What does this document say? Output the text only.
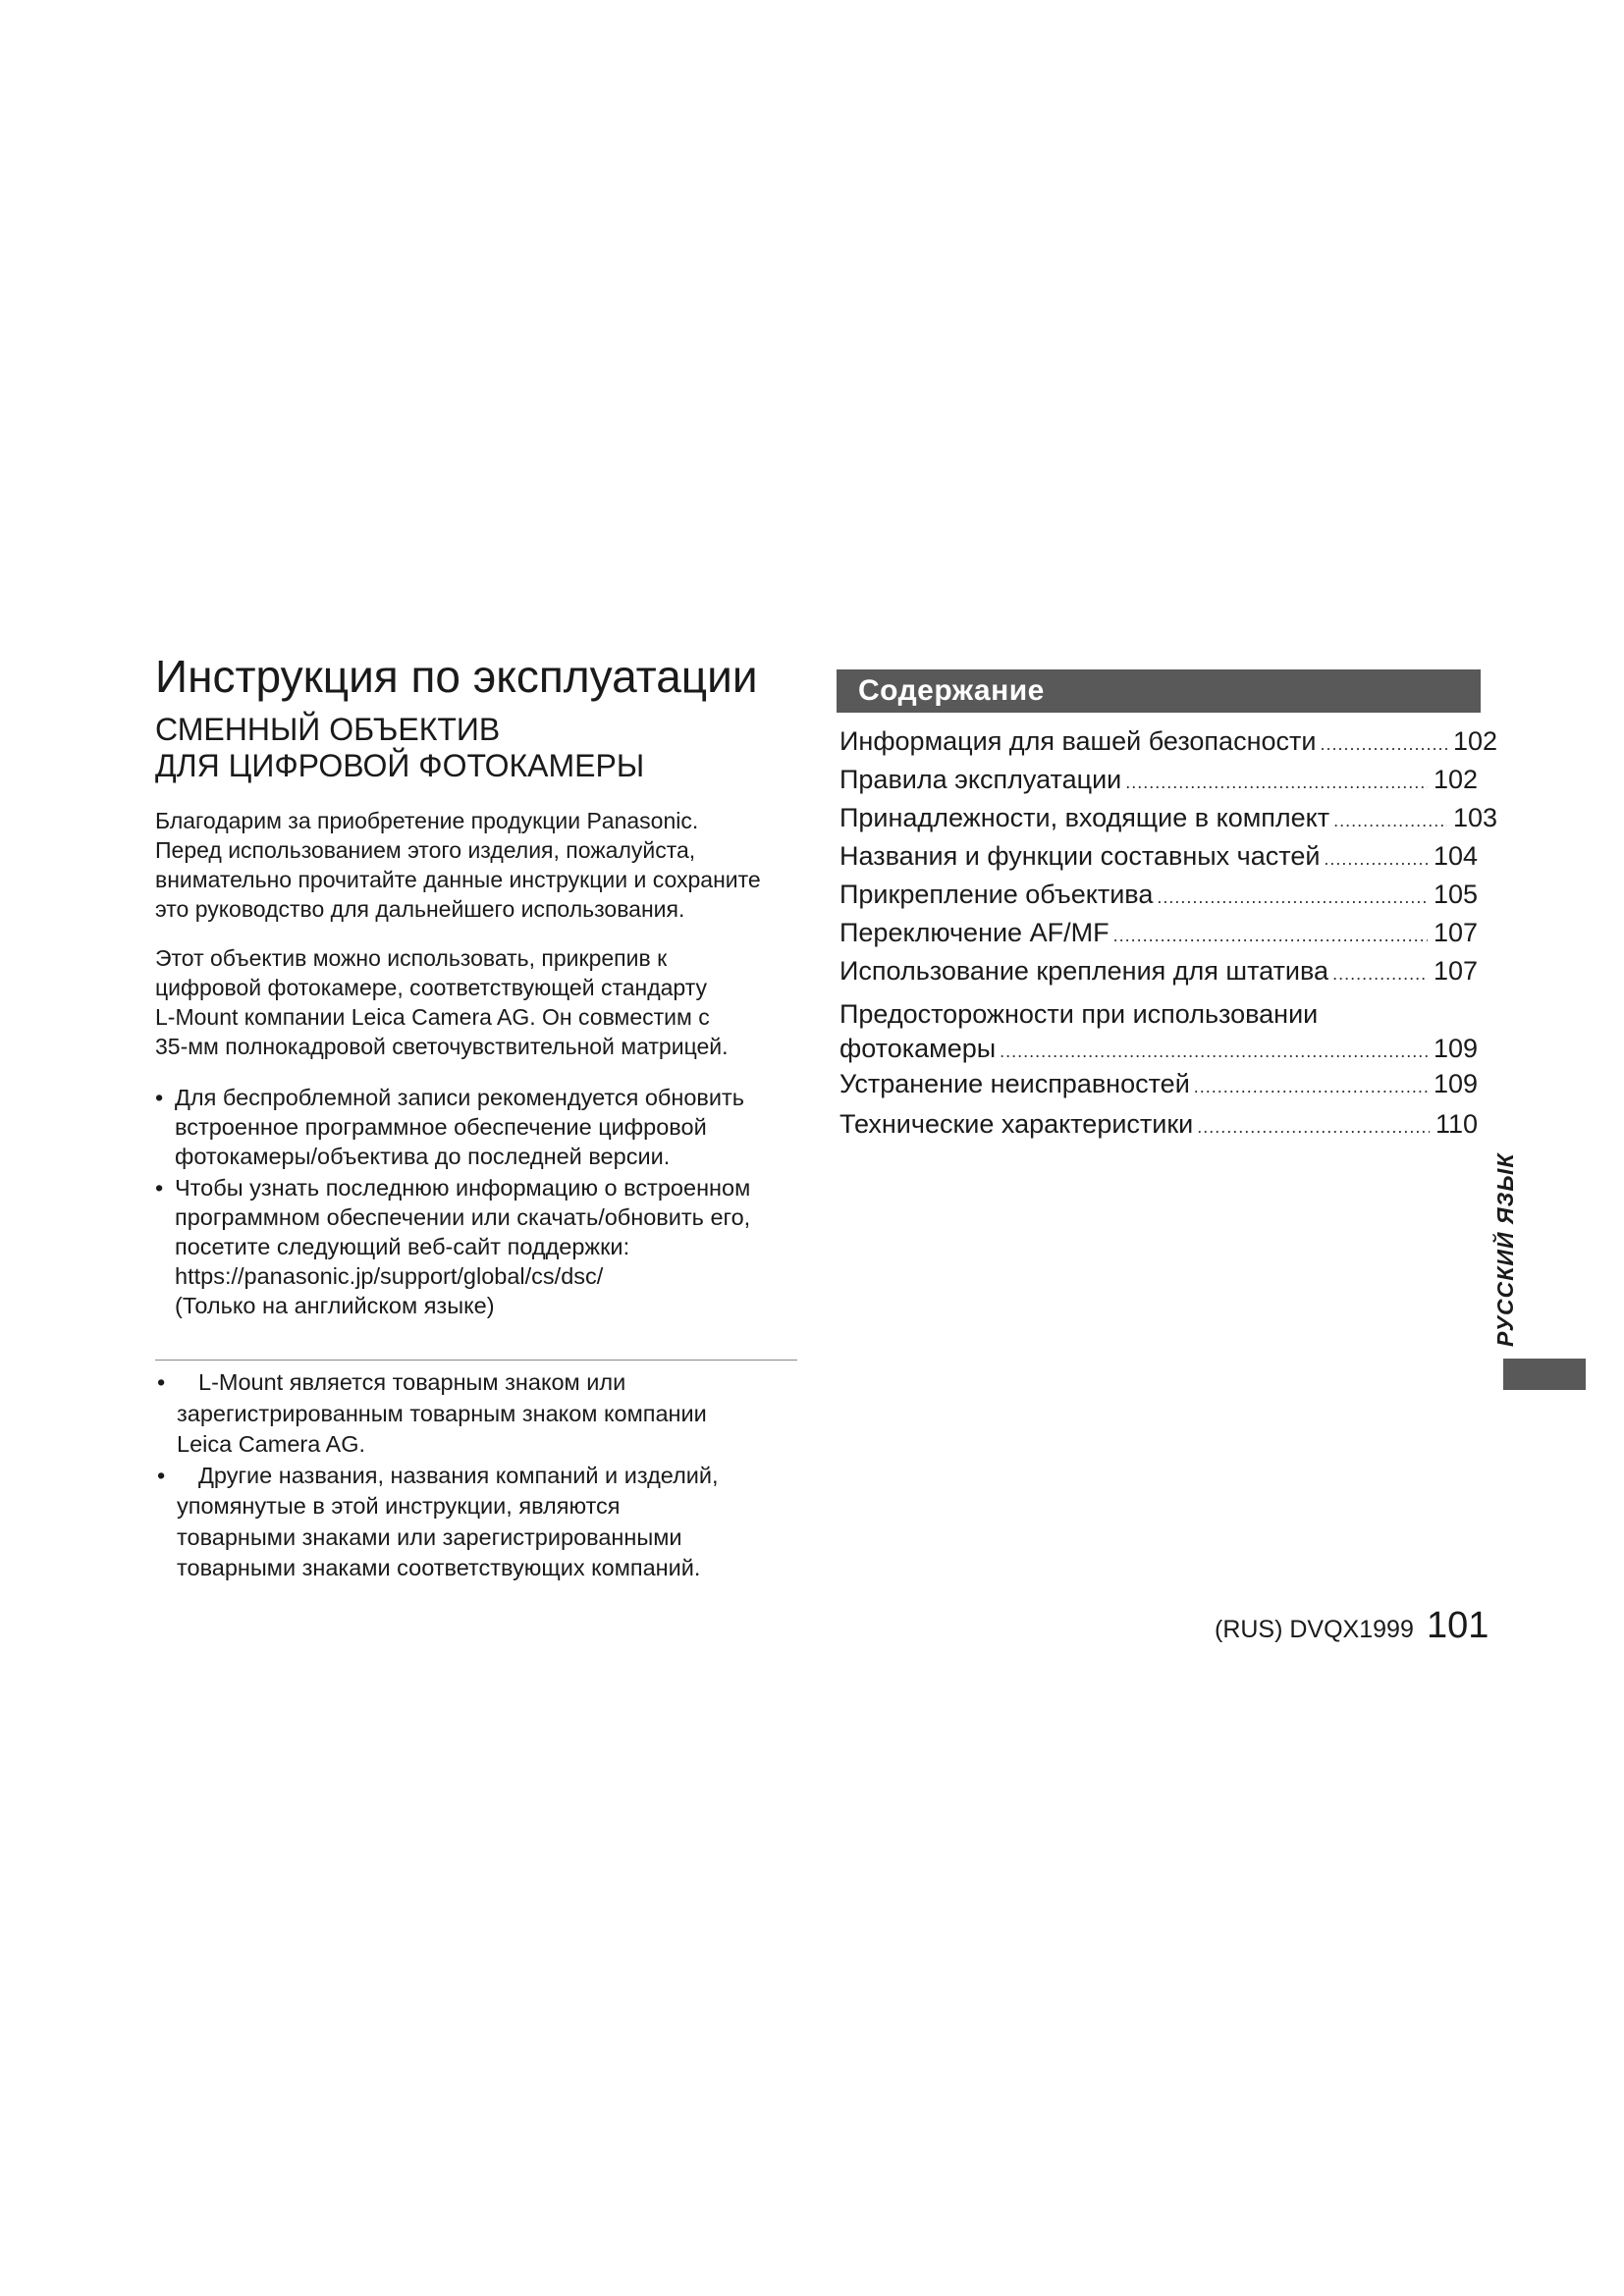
Инструкция по эксплуатации
СМЕННЫЙ ОБЪЕКТИВ
ДЛЯ ЦИФРОВОЙ ФОТОКАМЕРЫ

Благодарим за приобретение продукции Panasonic.
Перед использованием этого изделия, пожалуйста,
внимательно прочитайте данные инструкции и сохраните
это руководство для дальнейшего использования.

Этот объектив можно использовать, прикрепив к
цифровой фотокамере, соответствующей стандарту
L-Mount компании Leica Camera AG. Он совместим с
35-мм полнокадровой светочувствительной матрицей.

• Для беспроблемной записи рекомендуется обновить
встроенное программное обеспечение цифровой
фотокамеры/объектива до последней версии.
• Чтобы узнать последнюю информацию о встроенном
программном обеспечении или скачать/обновить его,
посетите следующий веб-сайт поддержки:
https://panasonic.jp/support/global/cs/dsc/
(Только на английском языке)
• L-Mount является товарным знаком или
зарегистрированным товарным знаком компании
Leica Camera AG.
• Другие названия, названия компаний и изделий,
упомянутые в этой инструкции, являются
товарными знаками или зарегистрированными
товарными знаками соответствующих компаний.
Содержание
Информация для вашей безопасности .....	102
Правила эксплуатации .....	102
Принадлежности, входящие в комплект .....	103
Названия и функции составных частей .....	104
Прикрепление объектива .....	105
Переключение AF/MF .....	107
Использование крепления для штатива .....	107
Предосторожности при использовании
фотокамеры .....	109
Устранение неисправностей .....	109
Технические характеристики .....	110
РУССКИЙ ЯЗЫК
(RUS) DVQX1999 101
